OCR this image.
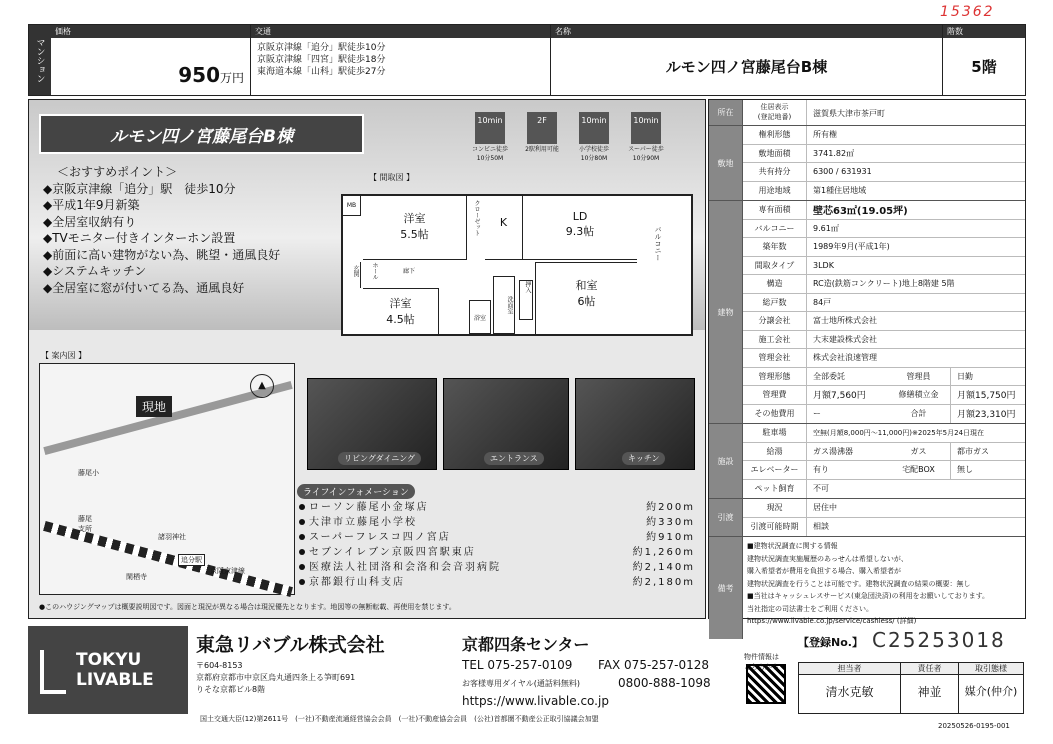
15362
マンション
価格
950万円
交通
京阪京津線「追分」駅徒歩10分
京阪京津線「四宮」駅徒歩18分
東海道本線「山科」駅徒歩27分
名称
ルモン四ノ宮藤尾台B棟
階数
5階
ルモン四ノ宮藤尾台B棟
10min
コンビニ徒歩
10分50M
2F
2駅利用可能
10min
小学校徒歩
10分80M
10min
スーパー徒歩
10分90M
＜おすすめポイント＞
◆京阪京津線「追分」駅　徒歩10分
◆平成1年9月新築
◆全居室収納有り
◆TVモニター付きインターホン設置
◆前面に高い建物がない為、眺望・通風良好
◆システムキッチン
◆全居室に窓が付いてる為、通風良好
【 間取図 】
MB
洋室
5.5帖	クローゼット	K	LD
9.3帖	バルコニー
玄関	ホール	廊下
洋室
4.5帖	浴室
洗面室
押入	和室
6帖
【 案内図 】
▲
現地
藤尾小
藤尾
支所
諸羽神社
追分駅
京阪京津線
閑栖寺
リビングダイニング	エントランス	キッチン
ライフインフォメーション
ローソン藤尾小金塚店	約200m
大津市立藤尾小学校	約330m
スーパーフレスコ四ノ宮店	約910m
セブンイレブン京阪四宮駅東店	約1,260m
医療法人社団洛和会洛和会音羽病院	約2,140m
京都銀行山科支店	約2,180m
●このハウジングマップは概要説明図です。図面と現況が異なる場合は現況優先となります。地図等の無断転載、再使用を禁じます。
所在
住居表示
(登記地番)	滋賀県大津市茶戸町
敷地
権利形態	所有権
敷地面積	3741.82㎡
共有持分	6300 / 631931
用途地域	第1種住居地域
建物
専有面積	壁芯63㎡(19.05坪)
バルコニー	9.61㎡
築年数	1989年9月(平成1年)
間取タイプ	3LDK
構造	RC造(鉄筋コンクリート)地上8階建 5階
総戸数	84戸
分譲会社	富士地所株式会社
施工会社	大末建設株式会社
管理会社	株式会社浪速管理
管理形態	全部委託	管理員	日勤
管理費	月額7,560円	修繕積立金	月額15,750円
その他費用	ー	合計	月額23,310円
施設
駐車場	空無(月額8,000円〜11,000円)※2025年5月24日現在
給湯	ガス湯沸器	ガス	都市ガス
エレベーター	有り	宅配BOX	無し
ペット飼育	不可
引渡
現況	居住中
引渡可能時期	相談
備考
■建物状況調査に関する情報
建物状況調査実施履歴のあっせんは希望しないが、
購入希望者が費用を負担する場合、購入希望者が
建物状況調査を行うことは可能です。建物状況調査の結果の概要：無し
■当社はキャッシュレスサービス(東急団決済)の利用をお願いしております。
当社指定の司法書士をご利用ください。
https://www.livable.co.jp/service/cashless/ (詳細)
TOKYU
LIVABLE
東急リバブル株式会社	京都四条センター
〒604-8153
京都府京都市中京区烏丸通四条上る笋町691
りそな京都ビル8階
TEL 075-257-0109 FAX 075-257-0128
お客様専用ダイヤル(通話料無料)	0800-888-1098
https://www.livable.co.jp
国土交通大臣(12)第2611号　(一社)不動産流通経営協会会員　(一社)不動産協会会員　(公社)首都圏不動産公正取引協議会加盟
物件情報は
こちらから
【登録No.】 C25253018
担当者
清水克敏
責任者
神並
取引態様
媒介(仲介)
20250526-0195-001
